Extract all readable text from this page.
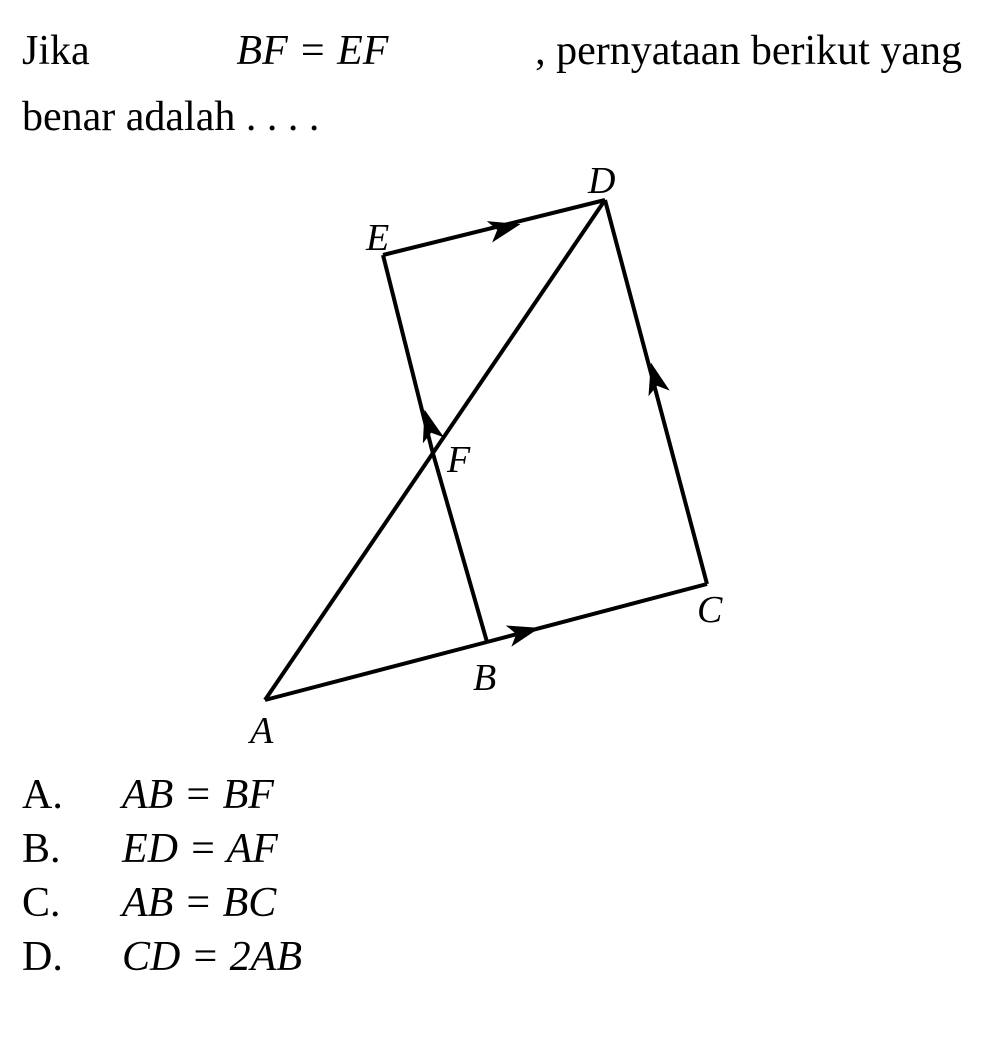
Jika	BF = EF	, pernyataan berikut yang
benar adalah . . . .
A
B
C
D
E
F
A.	AB = BF
B.	ED = AF
C.	AB = BC
D.	CD = 2AB
